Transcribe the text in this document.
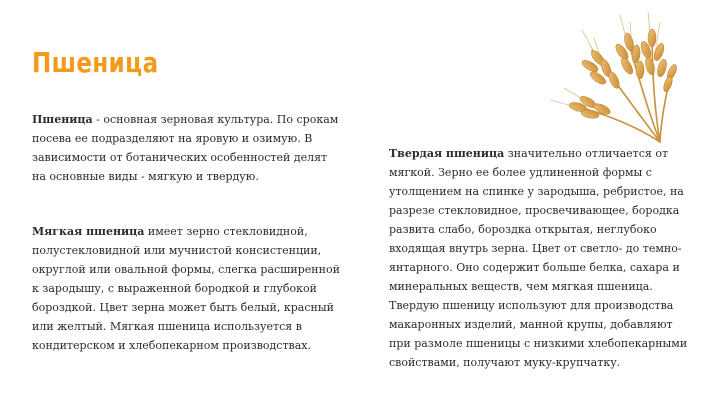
Пшеница

Пшеница - основная зерновая культура. По срокам посева ее подразделяют на яровую и озимую. В зависимости от ботанических особенностей делят на основные виды - мягкую и твердую.

Мягкая пшеница имеет зерно стекловидной, полустекловидной или мучнистой консистенции, округлой или овальной формы, слегка расширенной к зародышу, с выраженной бородкой и глубокой бороздкой. Цвет зерна может быть белый, красный или желтый. Мягкая пшеница используется в кондитерском и хлебопекарном производствах.

Твердая пшеница значительно отличается от мягкой. Зерно ее более удлиненной формы с утолщением на спинке у зародыша, ребристое, на разрезе стекловидное, просвечивающее, бородка развита слабо, бороздка открытая, неглубоко входящая внутрь зерна. Цвет от светло- до темно-янтарного. Оно содержит больше белка, сахара и минеральных веществ, чем мягкая пшеница. Твердую пшеницу используют для производства макаронных изделий, манной крупы, добавляют при размоле пшеницы с низкими хлебопекарными свойствами, получают муку-крупчатку.
